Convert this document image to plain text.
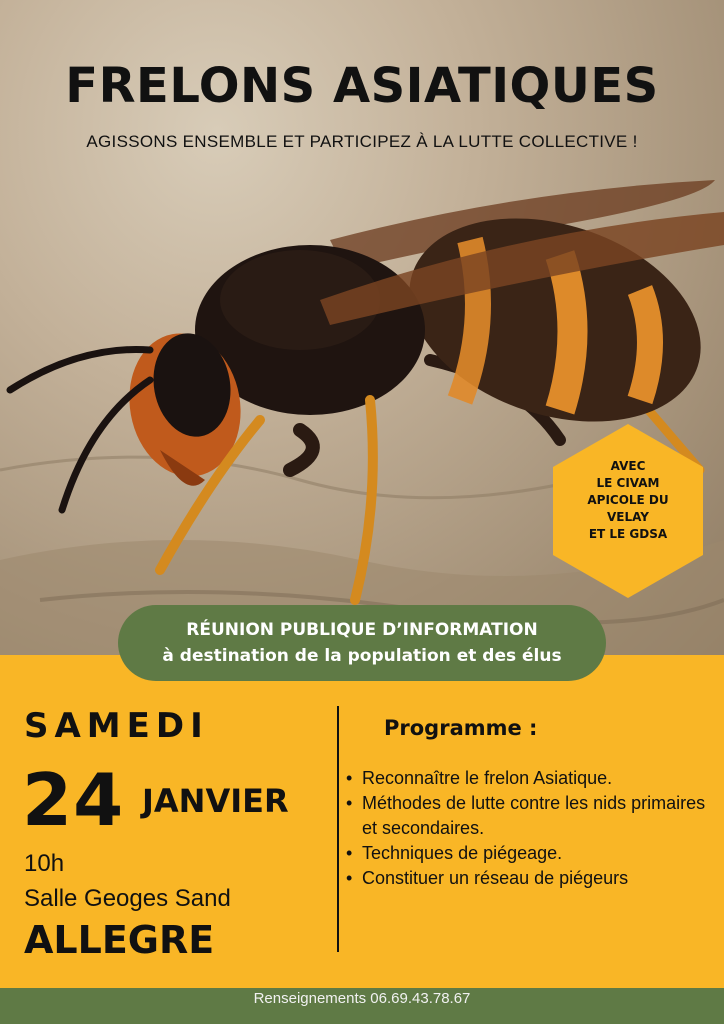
FRELONS ASIATIQUES
AGISSONS ENSEMBLE ET PARTICIPEZ À LA LUTTE COLLECTIVE !
AVEC
LE CIVAM
APICOLE DU
VELAY
ET LE GDSA
RÉUNION PUBLIQUE D’INFORMATION
à destination de la population et des élus
SAMEDI
24 JANVIER
10h
Salle Geoges Sand
ALLEGRE
Programme :
• Reconnaître le frelon Asiatique.
• Méthodes de lutte contre les nids primaires et secondaires.
• Techniques de piégeage.
• Constituer un réseau de piégeurs
Renseignements 06.69.43.78.67
